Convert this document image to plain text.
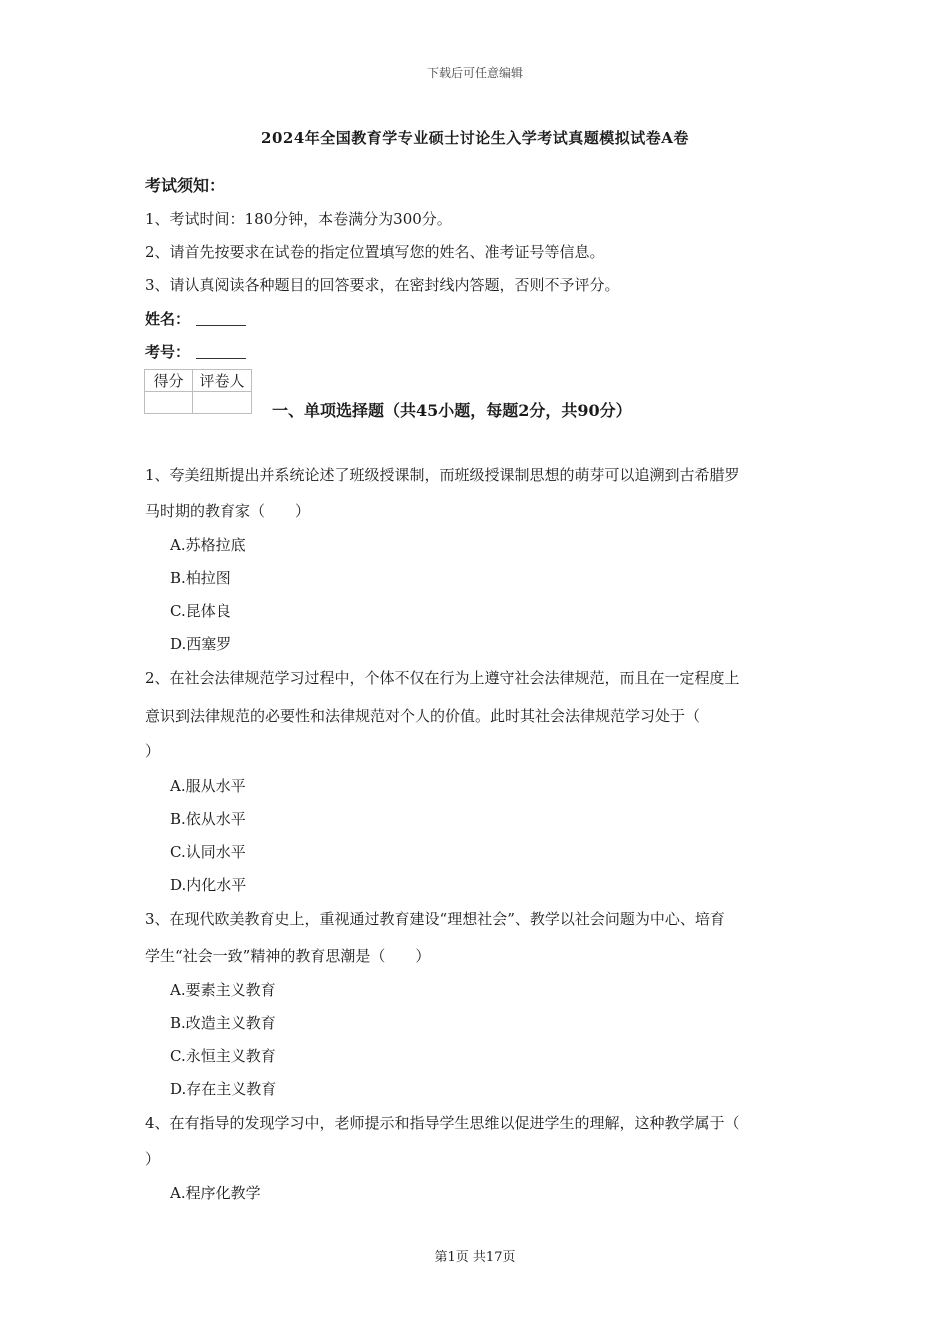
下载后可任意编辑
2024年全国教育学专业硕士讨论生入学考试真题模拟试卷A卷
考试须知：
1、考试时间：180分钟，本卷满分为300分。
2、请首先按要求在试卷的指定位置填写您的姓名、准考证号等信息。
3、请认真阅读各种题目的回答要求，在密封线内答题，否则不予评分。
姓名：
考号：
得分	评卷人

一、单项选择题（共45小题，每题2分，共90分）
1、夸美纽斯提出并系统论述了班级授课制，而班级授课制思想的萌芽可以追溯到古希腊罗
马时期的教育家（　　）
A.苏格拉底
B.柏拉图
C.昆体良
D.西塞罗
2、在社会法律规范学习过程中，个体不仅在行为上遵守社会法律规范，而且在一定程度上
意识到法律规范的必要性和法律规范对个人的价值。此时其社会法律规范学习处于（
）
A.服从水平
B.依从水平
C.认同水平
D.内化水平
3、在现代欧美教育史上，重视通过教育建设“理想社会”、教学以社会问题为中心、培育
学生“社会一致”精神的教育思潮是（　　）
A.要素主义教育
B.改造主义教育
C.永恒主义教育
D.存在主义教育
4、在有指导的发现学习中，老师提示和指导学生思维以促进学生的理解，这种教学属于（
）
A.程序化教学
第1页 共17页
